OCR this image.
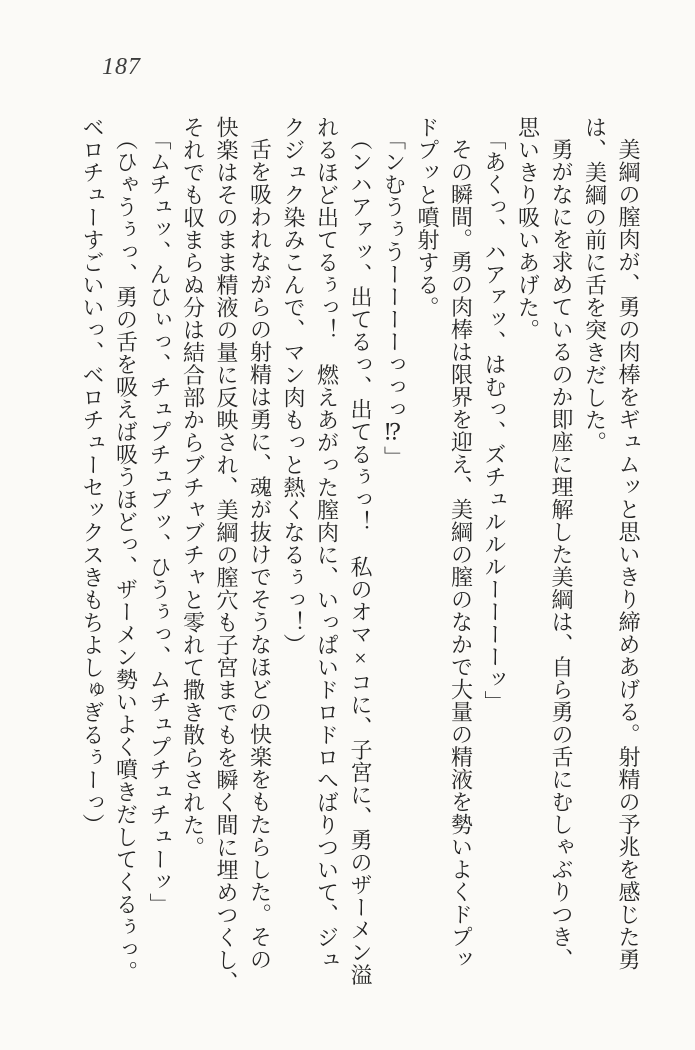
187

美綱の膣肉が、勇の肉棒をギュムッと思いきり締めあげる。射精の予兆を感じた勇
は、美綱の前に舌を突きだした。

勇がなにを求めているのか即座に理解した美綱は、自ら勇の舌にむしゃぶりつき、
思いきり吸いあげた。

「あくっ、ハアァッ、はむっ、ズチュルルルーーーーッ」

その瞬間。勇の肉棒は限界を迎え、美綱の膣のなかで大量の精液を勢いよくドプッ
ドプッと噴射する。

「ンむうぅうーーーーっっっ⁉」

（ンハアァッ、出てるっ、出てるぅっ！　私のオマ×コに、子宮に、勇のザーメン溢
れるほど出てるぅっ！　燃えあがった膣肉に、いっぱいドロドロへばりついて、ジュ
クジュク染みこんで、マン肉もっと熱くなるぅっ！）

舌を吸われながらの射精は勇に、魂が抜けでそうなほどの快楽をもたらした。その
快楽はそのまま精液の量に反映され、美綱の膣穴も子宮までもを瞬く間に埋めつくし、
それでも収まらぬ分は結合部からブチャブチャと零れて撒き散らされた。

「ムチュッ、んひぃっ、チュプチュプッ、ひうぅっ、ムチュプチュチューッ」

（ひゃうぅっ、勇の舌を吸えば吸うほどっ、ザーメン勢いよく噴きだしてくるぅっ。
ベロチューすごいいっ、ベロチューセックスきもちよしゅぎるぅーっ）
